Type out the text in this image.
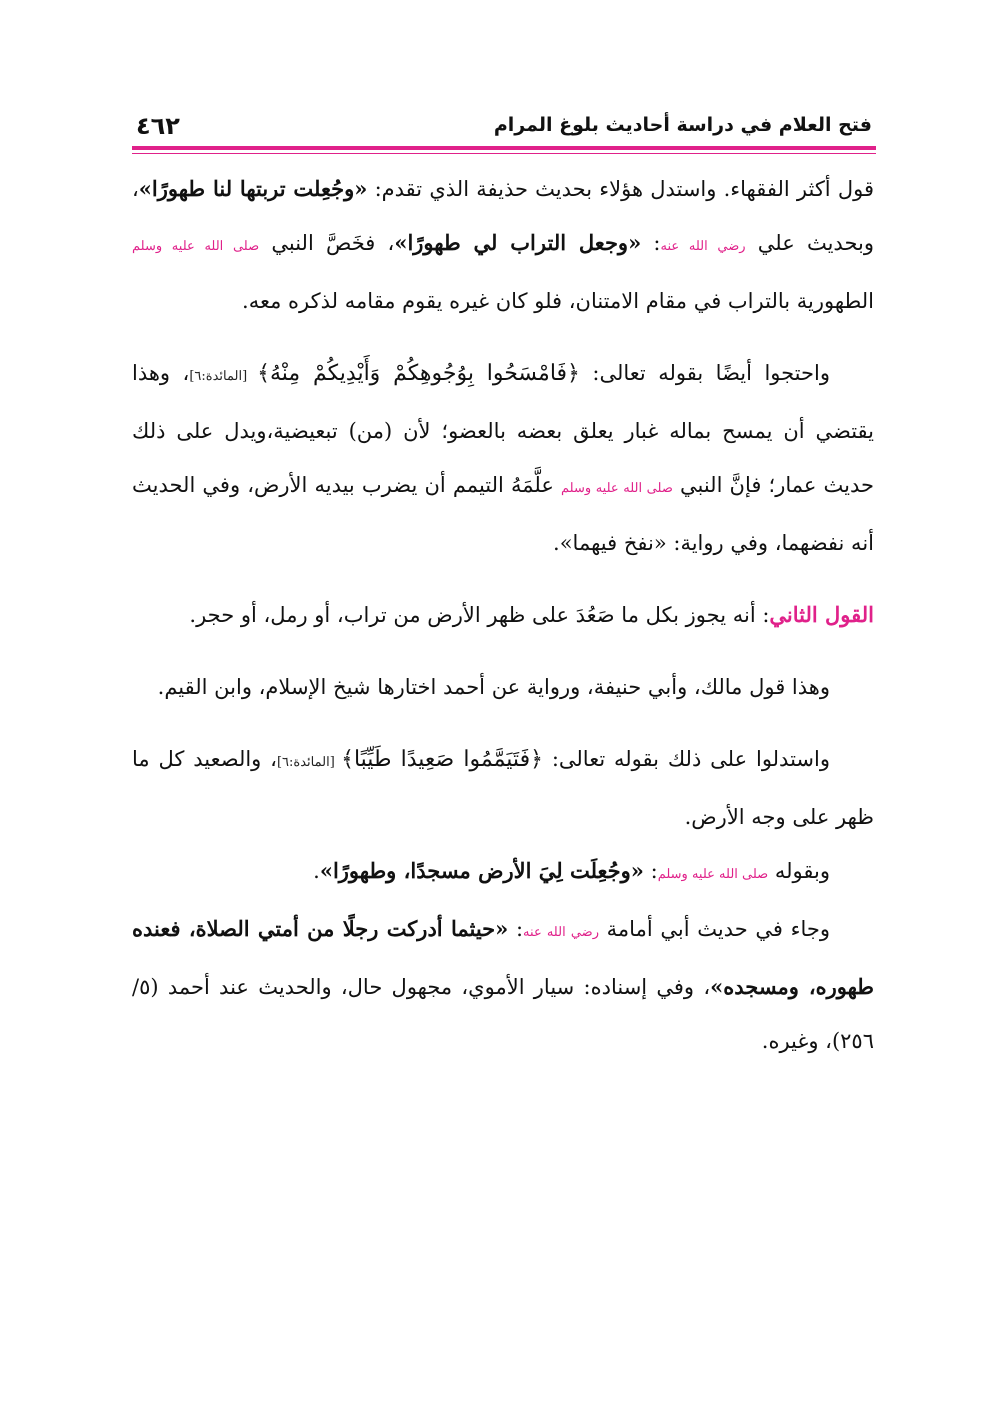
٤٦٢	فتح العلام في دراسة أحاديث بلوغ المرام

قول أكثر الفقهاء. واستدل هؤلاء بحديث حذيفة الذي تقدم: «وجُعِلت تربتها لنا طهورًا»، وبحديث علي رضي الله عنه: «وجعل التراب لي طهورًا»، فخَصَّ النبي صلى الله عليه وسلم الطهورية بالتراب في مقام الامتنان، فلو كان غيره يقوم مقامه لذكره معه.

واحتجوا أيضًا بقوله تعالى: ﴿فَامْسَحُوا بِوُجُوهِكُمْ وَأَيْدِيكُمْ مِنْهُ﴾ [المائدة:٦]، وهذا يقتضي أن يمسح بماله غبار يعلق بعضه بالعضو؛ لأن (من) تبعيضية،ويدل على ذلك حديث عمار؛ فإنَّ النبي صلى الله عليه وسلم علَّمَهُ التيمم أن يضرب بيديه الأرض، وفي الحديث أنه نفضهما، وفي رواية: «نفخ فيهما».

القول الثاني: أنه يجوز بكل ما صَعُدَ على ظهر الأرض من تراب، أو رمل، أو حجر.

وهذا قول مالك، وأبي حنيفة، ورواية عن أحمد اختارها شيخ الإسلام، وابن القيم.

واستدلوا على ذلك بقوله تعالى: ﴿فَتَيَمَّمُوا صَعِيدًا طَيِّبًا﴾ [المائدة:٦]، والصعيد كل ما ظهر على وجه الأرض.

وبقوله صلى الله عليه وسلم: «وجُعِلَت لِيَ الأرض مسجدًا، وطهورًا».

وجاء في حديث أبي أمامة رضي الله عنه: «حيثما أدركت رجلًا من أمتي الصلاة، فعنده طهوره، ومسجده»، وفي إسناده: سيار الأموي، مجهول حال، والحديث عند أحمد (٥/ ٢٥٦)، وغيره.
